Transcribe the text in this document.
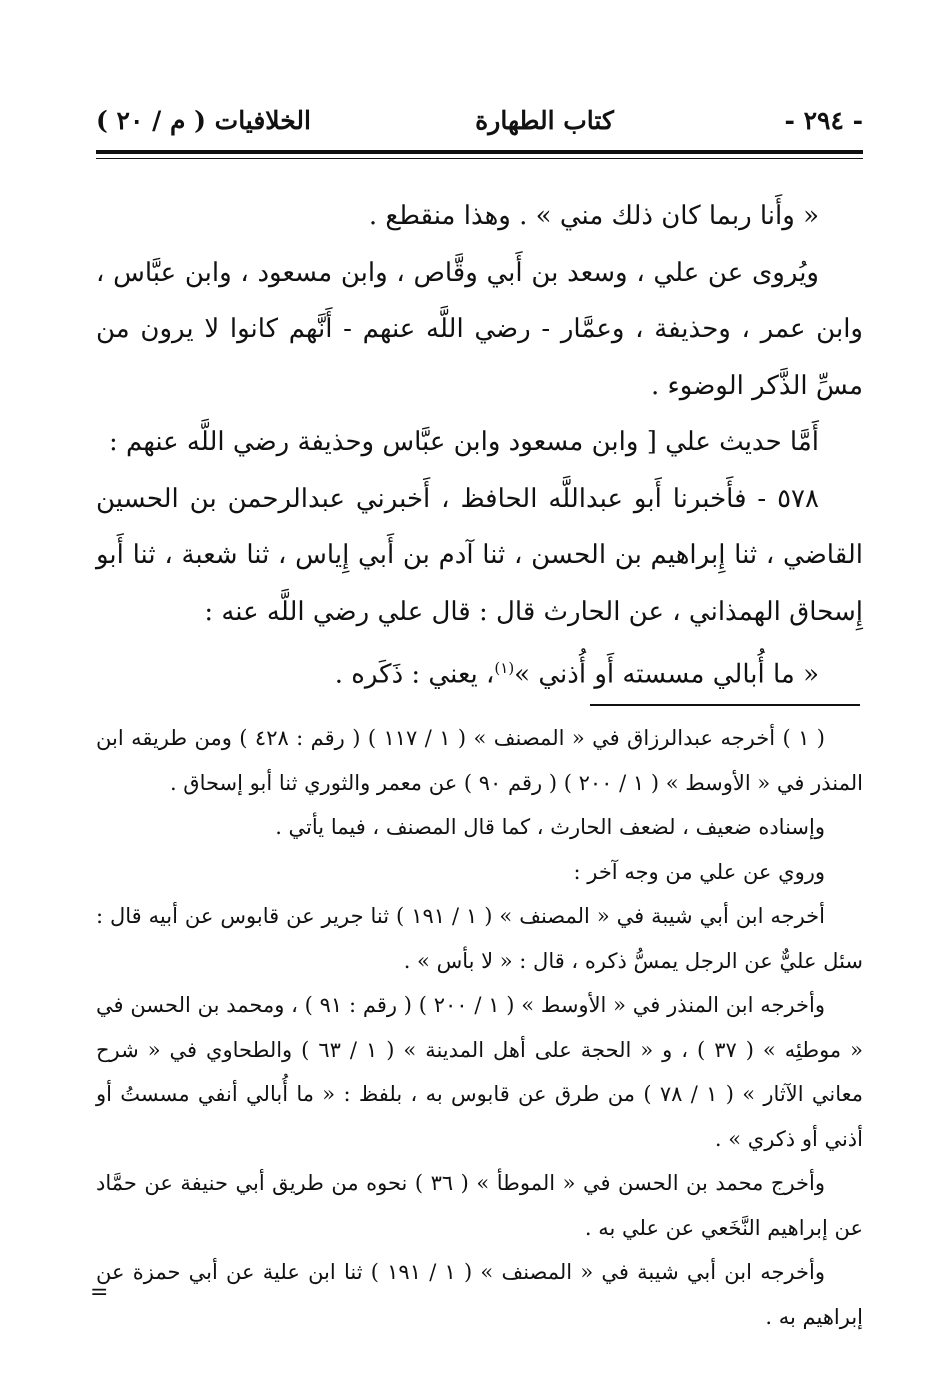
- ٢٩٤ -
كتاب الطهارة
الخلافيات ( م / ٢٠ )

« وأَنا ربما كان ذلك مني » . وهذا منقطع .

ويُروى عن علي ، وسعد بن أَبي وقَّاص ، وابن مسعود ، وابن عبَّاس ، وابن عمر ، وحذيفة ، وعمَّار - رضي اللَّه عنهم - أَنَّهم كانوا لا يرون من مسِّ الذَّكر الوضوء .

أَمَّا حديث علي [ وابن مسعود وابن عبَّاس وحذيفة رضي اللَّه عنهم :

٥٧٨ - فأَخبرنا أَبو عبداللَّه الحافظ ، أَخبرني عبدالرحمن بن الحسين القاضي ، ثنا إِبراهيم بن الحسن ، ثنا آدم بن أَبي إِياس ، ثنا شعبة ، ثنا أَبو إِسحاق الهمذاني ، عن الحارث قال : قال علي رضي اللَّه عنه :

« ما أُبالي مسسته أَو أُذني »$^{(١)}$، يعني : ذَكَره .

( ١ ) أخرجه عبدالرزاق في « المصنف » ( ١ / ١١٧ ) ( رقم : ٤٢٨ ) ومن طريقه ابن المنذر في « الأوسط » ( ١ / ٢٠٠ ) ( رقم ٩٠ ) عن معمر والثوري ثنا أبو إسحاق .

وإسناده ضعيف ، لضعف الحارث ، كما قال المصنف ، فيما يأتي .

وروي عن علي من وجه آخر :

أخرجه ابن أبي شيبة في « المصنف » ( ١ / ١٩١ ) ثنا جرير عن قابوس عن أبيه قال : سئل عليٌّ عن الرجل يمسُّ ذكره ، قال : « لا بأس » .

وأخرجه ابن المنذر في « الأوسط » ( ١ / ٢٠٠ ) ( رقم : ٩١ ) ، ومحمد بن الحسن في « موطئِه » ( ٣٧ ) ، و « الحجة على أهل المدينة » ( ١ / ٦٣ ) والطحاوي في « شرح معاني الآثار » ( ١ / ٧٨ ) من طرق عن قابوس به ، بلفظ : « ما أُبالي أنفي مسستُ أو أذني أو ذكري » .

وأخرج محمد بن الحسن في « الموطأ » ( ٣٦ ) نحوه من طريق أبي حنيفة عن حمَّاد عن إبراهيم النَّخَعي عن علي به .

وأخرجه ابن أبي شيبة في « المصنف » ( ١ / ١٩١ ) ثنا ابن علية عن أبي حمزة عن إبراهيم به .

=
